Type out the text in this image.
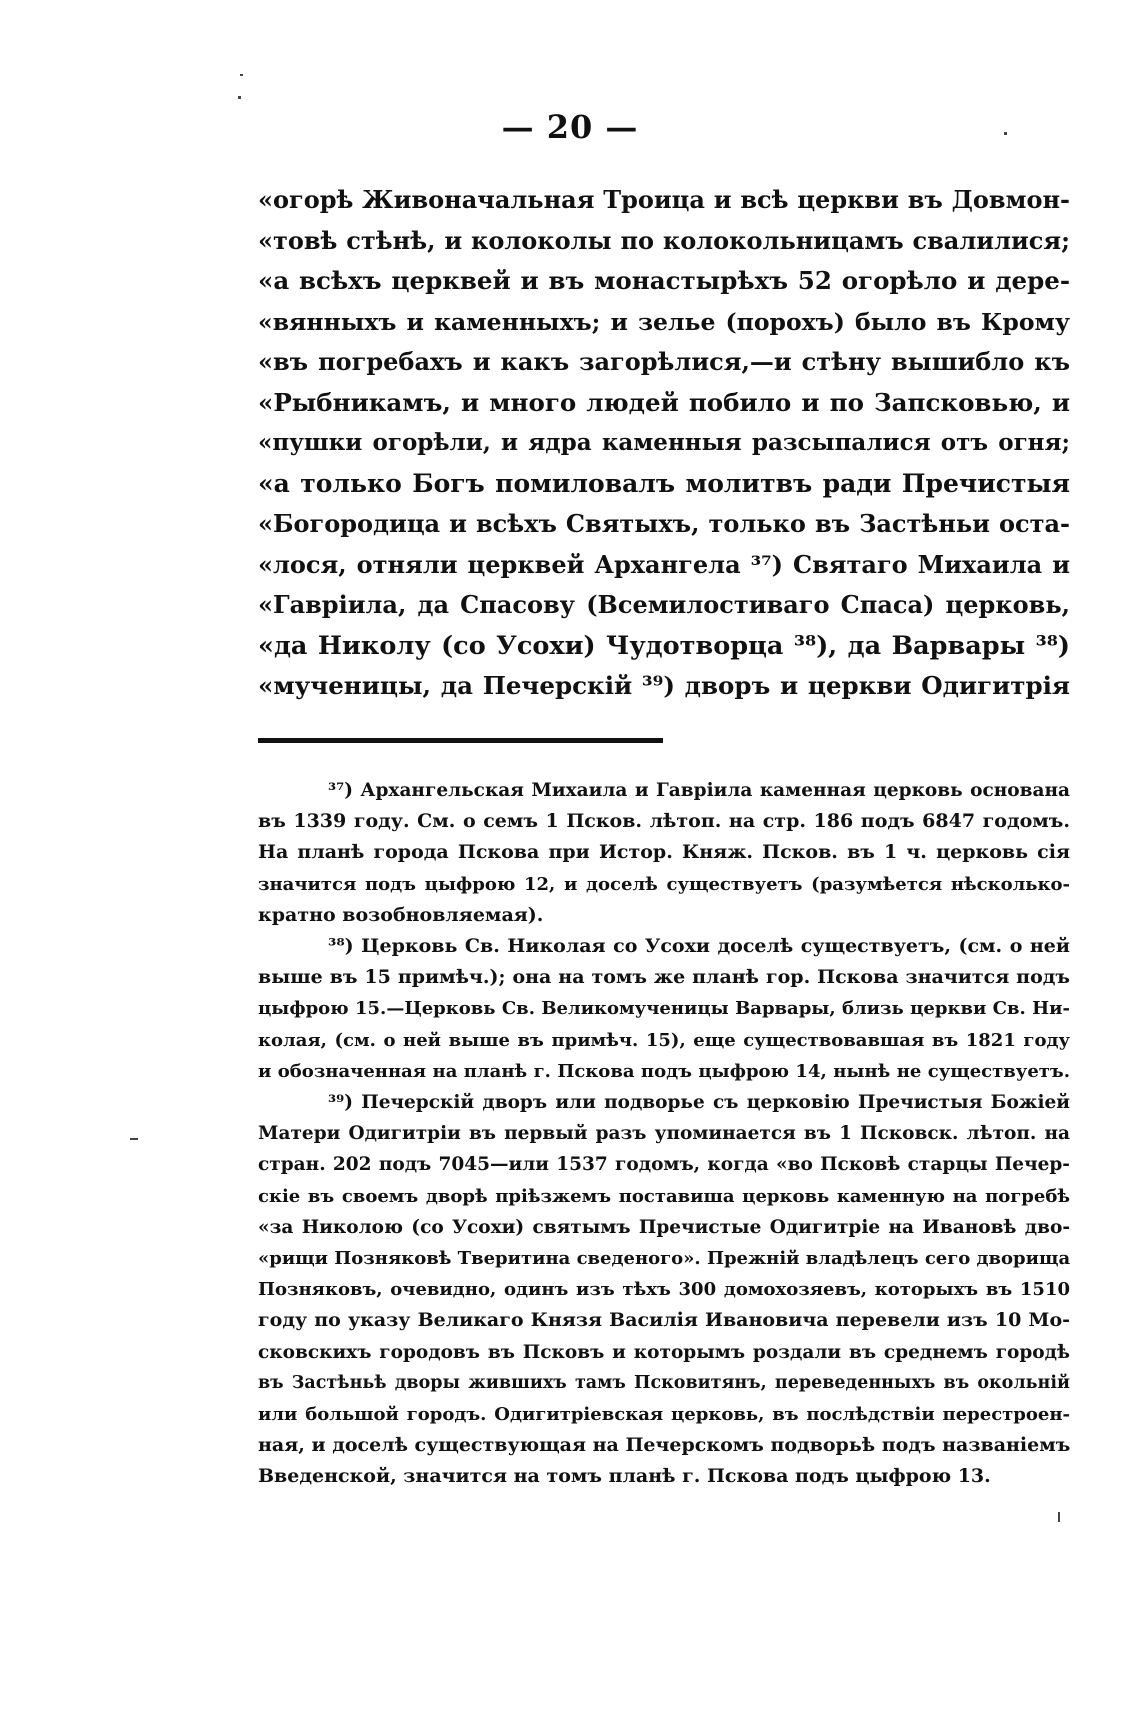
— 20 —
«огорѣ Живоначальная Троица и всѣ церкви въ Довмон-
«товѣ стѣнѣ, и колоколы по колокольницамъ свалилися;
«а всѣхъ церквей и въ монастырѣхъ 52 огорѣло и дере-
«вянныхъ и каменныхъ; и зелье (порохъ) было въ Крому
«въ погребахъ и какъ загорѣлися,—и стѣну вышибло къ
«Рыбникамъ, и много людей побило и по Запсковью, и
«пушки огорѣли, и ядра каменныя разсыпалися отъ огня;
«а только Богъ помиловалъ молитвъ ради Пречистыя
«Богородица и всѣхъ Святыхъ, только въ Застѣньи оста-
«лося, отняли церквей Архангела ³⁷) Святаго Михаила и
«Гавріила, да Спасову (Всемилостиваго Спаса) церковь,
«да Николу (со Усохи) Чудотворца ³⁸), да Варвары ³⁸)
«мученицы, да Печерскій ³⁹) дворъ и церкви Одигитрія
³⁷) Архангельская Михаила и Гавріила каменная церковь основана
въ 1339 году. См. о семъ 1 Псков. лѣтоп. на стр. 186 подъ 6847 годомъ.
На планѣ города Пскова при Истор. Княж. Псков. въ 1 ч. церковь сія
значится подъ цыфрою 12, и доселѣ существуетъ (разумѣется нѣсколько-
кратно возобновляемая).
³⁸) Церковь Св. Николая со Усохи доселѣ существуетъ, (см. о ней
выше въ 15 примѣч.); она на томъ же планѣ гор. Пскова значится подъ
цыфрою 15.—Церковь Св. Великомученицы Варвары, близь церкви Св. Ни-
колая, (см. о ней выше въ примѣч. 15), еще существовавшая въ 1821 году
и обозначенная на планѣ г. Пскова подъ цыфрою 14, нынѣ не существуетъ.
³⁹) Печерскій дворъ или подворье съ церковію Пречистыя Божіей
Матери Одигитріи въ первый разъ упоминается въ 1 Псковск. лѣтоп. на
стран. 202 подъ 7045—или 1537 годомъ, когда «во Псковѣ старцы Печер-
скіе въ своемъ дворѣ пріѣзжемъ поставиша церковь каменную на погребѣ
«за Николою (со Усохи) святымъ Пречистые Одигитріе на Ивановѣ дво-
«рищи Позняковѣ Тверитина сведеного». Прежній владѣлецъ сего дворища
Позняковъ, очевидно, одинъ изъ тѣхъ 300 домохозяевъ, которыхъ въ 1510
году по указу Великаго Князя Василія Ивановича перевели изъ 10 Мо-
сковскихъ городовъ въ Псковъ и которымъ роздали въ среднемъ городѣ
въ Застѣньѣ дворы жившихъ тамъ Псковитянъ, переведенныхъ въ окольній
или большой городъ. Одигитріевская церковь, въ послѣдствіи перестроен-
ная, и доселѣ существующая на Печерскомъ подворьѣ подъ названіемъ
Введенской, значится на томъ планѣ г. Пскова подъ цыфрою 13.
